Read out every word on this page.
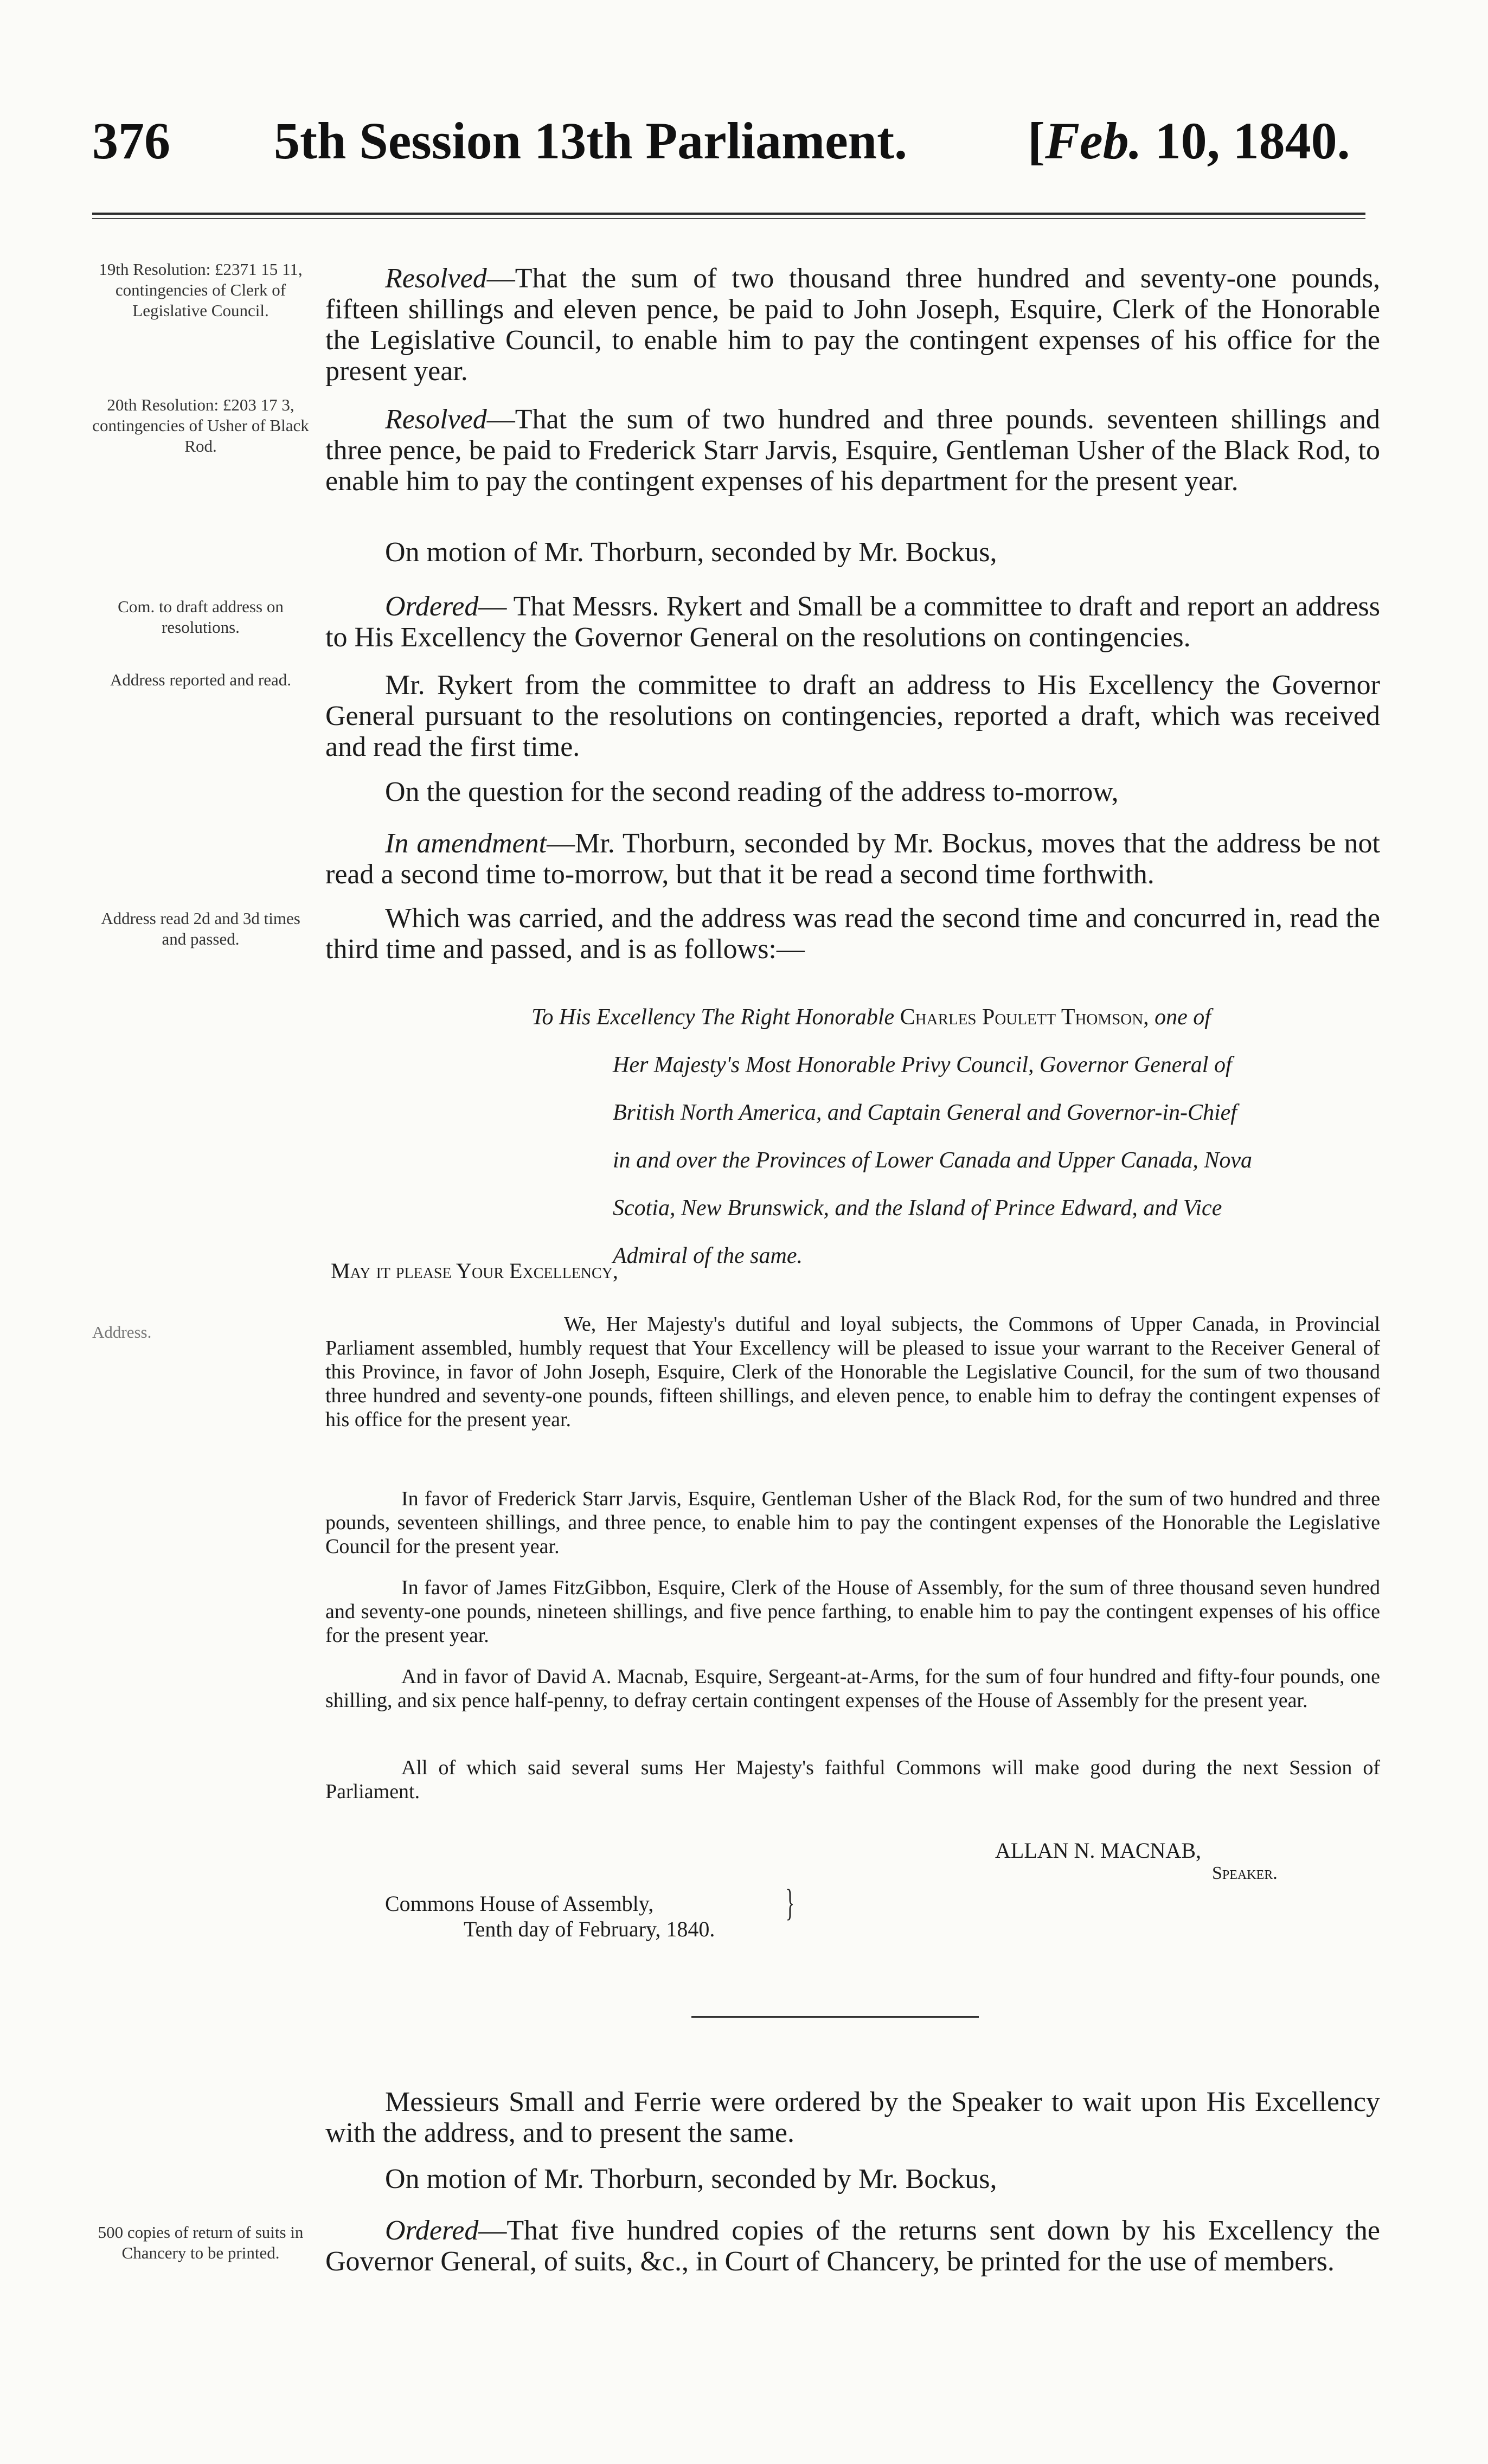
376 5th Session 13th Parliament. [Feb. 10, 1840.
19th Resolution: £2371 15 11, contingencies of Clerk of Legislative Council.
20th Resolution: £203 17 3, contingencies of Usher of Black Rod.
Com. to draft address on resolutions.
Address reported and read.
Address read 2d and 3d times and passed.
Address.
500 copies of return of suits in Chancery to be printed.
Resolved—That the sum of two thousand three hundred and seventy-one pounds, fifteen shillings and eleven pence, be paid to John Joseph, Esquire, Clerk of the Honorable the Legislative Council, to enable him to pay the contingent expenses of his office for the present year.
Resolved—That the sum of two hundred and three pounds. seventeen shillings and three pence, be paid to Frederick Starr Jarvis, Esquire, Gentleman Usher of the Black Rod, to enable him to pay the contingent expenses of his department for the present year.
On motion of Mr. Thorburn, seconded by Mr. Bockus,
Ordered— That Messrs. Rykert and Small be a committee to draft and report an address to His Excellency the Governor General on the resolutions on contingencies.
Mr. Rykert from the committee to draft an address to His Excellency the Governor General pursuant to the resolutions on contingencies, reported a draft, which was received and read the first time.
On the question for the second reading of the address to-morrow,
In amendment—Mr. Thorburn, seconded by Mr. Bockus, moves that the address be not read a second time to-morrow, but that it be read a second time forthwith.
Which was carried, and the address was read the second time and concurred in, read the third time and passed, and is as follows:—
To His Excellency The Right Honorable Charles Poulett Thomson, one of
Her Majesty's Most Honorable Privy Council, Governor General of
British North America, and Captain General and Governor-in-Chief
in and over the Provinces of Lower Canada and Upper Canada, Nova
Scotia, New Brunswick, and the Island of Prince Edward, and Vice
Admiral of the same.
May it please Your Excellency,
We, Her Majesty's dutiful and loyal subjects, the Commons of Upper Canada, in Provincial Parliament assembled, humbly request that Your Excellency will be pleased to issue your warrant to the Receiver General of this Province, in favor of John Joseph, Esquire, Clerk of the Honorable the Legislative Council, for the sum of two thousand three hundred and seventy-one pounds, fifteen shillings, and eleven pence, to enable him to defray the contingent expenses of his office for the present year.
In favor of Frederick Starr Jarvis, Esquire, Gentleman Usher of the Black Rod, for the sum of two hundred and three pounds, seventeen shillings, and three pence, to enable him to pay the contingent expenses of the Honorable the Legislative Council for the present year.
In favor of James FitzGibbon, Esquire, Clerk of the House of Assembly, for the sum of three thousand seven hundred and seventy-one pounds, nineteen shillings, and five pence farthing, to enable him to pay the contingent expenses of his office for the present year.
And in favor of David A. Macnab, Esquire, Sergeant-at-Arms, for the sum of four hundred and fifty-four pounds, one shilling, and six pence half-penny, to defray certain contingent expenses of the House of Assembly for the present year.
All of which said several sums Her Majesty's faithful Commons will make good during the next Session of Parliament.
ALLAN N. MACNAB,
Speaker.
Commons House of Assembly,
Tenth day of February, 1840.
}
Messieurs Small and Ferrie were ordered by the Speaker to wait upon His Excellency with the address, and to present the same.
On motion of Mr. Thorburn, seconded by Mr. Bockus,
Ordered—That five hundred copies of the returns sent down by his Excellency the Governor General, of suits, &c., in Court of Chancery, be printed for the use of members.
